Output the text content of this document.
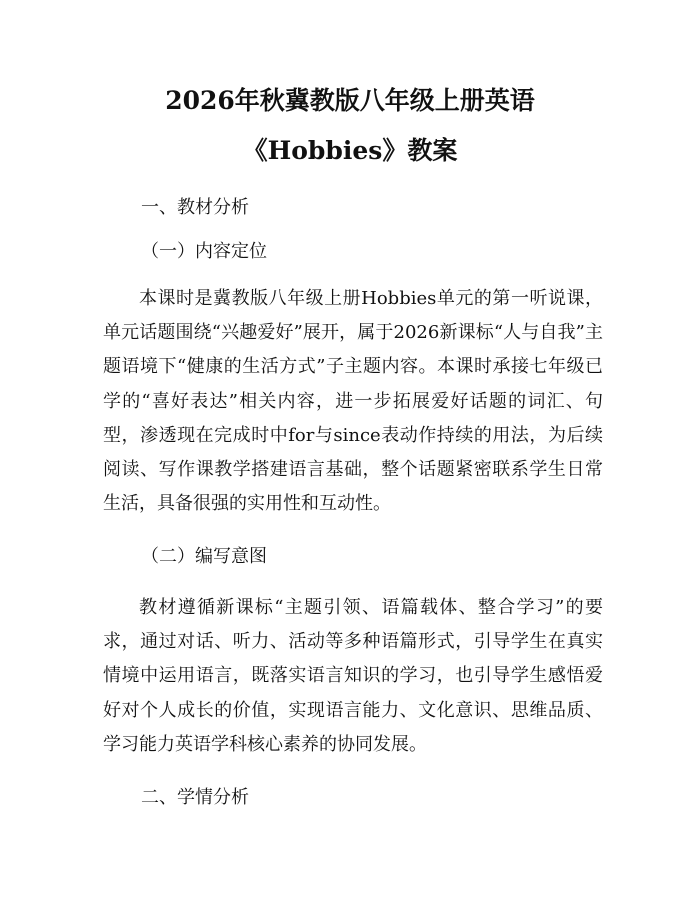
2026年秋冀教版八年级上册英语
《Hobbies》教案
一、教材分析
（一）内容定位
本课时是冀教版八年级上册Hobbies单元的第一听说课，单元话题围绕“兴趣爱好”展开，属于2026新课标“人与自我”主题语境下“健康的生活方式”子主题内容。本课时承接七年级已学的“喜好表达”相关内容，进一步拓展爱好话题的词汇、句型，渗透现在完成时中for与since表动作持续的用法，为后续阅读、写作课教学搭建语言基础，整个话题紧密联系学生日常生活，具备很强的实用性和互动性。
（二）编写意图
教材遵循新课标“主题引领、语篇载体、整合学习”的要求，通过对话、听力、活动等多种语篇形式，引导学生在真实情境中运用语言，既落实语言知识的学习，也引导学生感悟爱好对个人成长的价值，实现语言能力、文化意识、思维品质、学习能力英语学科核心素养的协同发展。
二、学情分析
